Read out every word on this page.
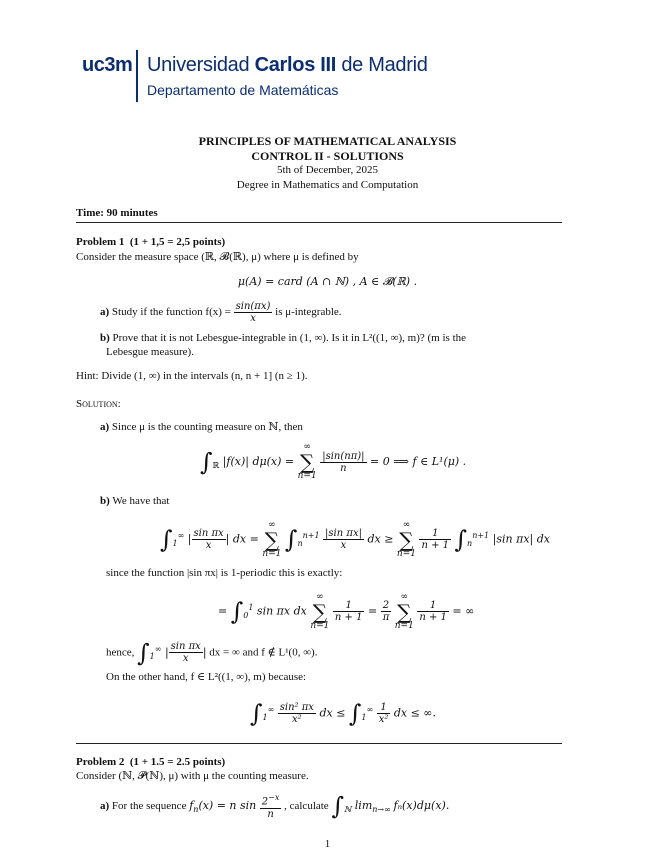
uc3m Universidad Carlos III de Madrid
Departamento de Matemáticas
PRINCIPLES OF MATHEMATICAL ANALYSIS
CONTROL II - SOLUTIONS
5th of December, 2025
Degree in Mathematics and Computation
Time: 90 minutes
Problem 1 (1 + 1,5 = 2,5 points)
Consider the measure space (ℝ, 𝓑(ℝ), μ) where μ is defined by
μ(A) = card (A ∩ ℕ) , A ∈ 𝓑(ℝ) .
a) Study if the function $f(x) = \frac{\sin(\pi x)}{x}$ is μ-integrable.
b) Prove that it is not Lebesgue-integrable in (1, ∞). Is it in L²((1, ∞), m)? (m is the
Lebesgue measure).
Hint: Divide (1, ∞) in the intervals (n, n + 1] (n ≥ 1).
Solution:
a) Since μ is the counting measure on ℕ, then
$\int_ℝ$ |f(x)| dμ(x) = ∞
∑
n=1
$\frac{|\sin(n\pi)|}{n} = 0$ ⟹ f ∈ L¹(μ) .
b) We have that
$\int_1^\infty$ | $\frac{\text{sin πx}}{x}$ | dx = ∞
∑
n=1 $\int_n^{n+1} \frac{\text{|sin πx|}}{x}$ dx ≥ ∞
∑
n=1
$\frac{1}{n + 1} \int_n^{n+1}$ |sin πx| dx
since the function |sin πx| is 1-periodic this is exactly:
= $\int_0^1$ sin πx dx ∞
∑
n=1
$\frac{1}{n + 1} = \frac{2}{\pi}$
∞
∑
n=1
$\frac{1}{n + 1}$ = ∞
hence, $\int_1^\infty$ | $\frac{\text{sin πx}}{x}$ | dx = ∞ and f ∉ L¹(0, ∞).
On the other hand, f ∈ L²((1, ∞), m) because:
$\int_1^\infty \frac{\text{sin² πx}}{\text{x²}}$ dx ≤ $\int_1^\infty \frac{1}{\text{x²}}$ dx ≤ ∞.
Problem 2 (1 + 1.5 = 2.5 points)
Consider (ℕ, 𝓟(ℕ), μ) with μ the counting measure.
a) For the sequence $f_n(x) = n$ $\sin \frac{2^{-x}}{n}$ , calculate $\int_ℕ$ $\lim_{n\to\infty} f_n(x)d\mu(x)$.
1
